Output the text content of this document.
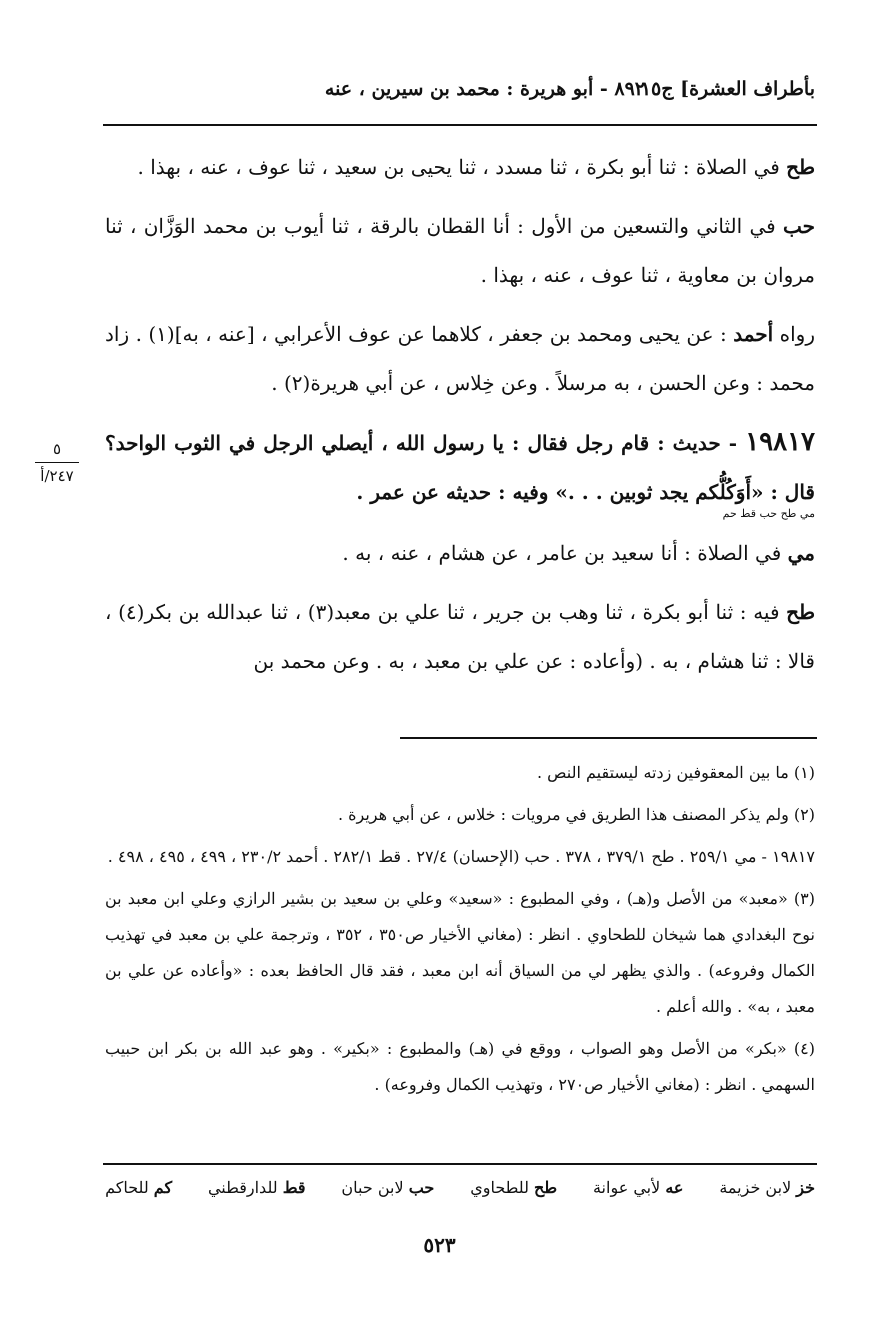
بأطراف العشرة] ج١٥
٨٩٢ - أبو هريرة : محمد بن سيرين ، عنه

طح في الصلاة : ثنا أبو بكرة ، ثنا مسدد ، ثنا يحيى بن سعيد ، ثنا عوف ، عنه ، بهذا .

حب في الثاني والتسعين من الأول : أنا القطان بالرقة ، ثنا أيوب بن محمد الوَزَّان ، ثنا مروان بن معاوية ، ثنا عوف ، عنه ، بهذا .

رواه أحمد : عن يحيى ومحمد بن جعفر ، كلاهما عن عوف الأعرابي ، [عنه ، به](١) . زاد محمد : وعن الحسن ، به مرسلاً . وعن خِلاس ، عن أبي هريرة(٢) .

١٩٨١٧ - حديث : قام رجل فقال : يا رسول الله ، أيصلي الرجل في الثوب الواحد؟ قال : «أَوَكُلُّكم يجد ثوبين . . .» وفيه : حديثه عن عمر .
مي طح حب قط حم

مي في الصلاة : أنا سعيد بن عامر ، عن هشام ، عنه ، به .

طح فيه : ثنا أبو بكرة ، ثنا وهب بن جرير ، ثنا علي بن معبد(٣) ، ثنا عبدالله بن بكر(٤) ، قالا : ثنا هشام ، به . (وأعاده : عن علي بن معبد ، به . وعن محمد بن

٥
٢٤٧/أ

(١) ما بين المعقوفين زدته ليستقيم النص .

(٢) ولم يذكر المصنف هذا الطريق في مرويات : خلاس ، عن أبي هريرة .

١٩٨١٧ - مي ٢٥٩/١ . طح ٣٧٩/١ ، ٣٧٨ . حب (الإحسان) ٢٧/٤ . قط ٢٨٢/١ . أحمد ٢٣٠/٢ ، ٤٩٩ ، ٤٩٥ ، ٤٩٨ .

(٣) «معبد» من الأصل و(هـ) ، وفي المطبوع : «سعيد» وعلي بن سعيد بن بشير الرازي وعلي ابن معبد بن نوح البغدادي هما شيخان للطحاوي . انظر : (مغاني الأخيار ص٣٥٠ ، ٣٥٢ ، وترجمة علي بن معبد في تهذيب الكمال وفروعه) . والذي يظهر لي من السياق أنه ابن معبد ، فقد قال الحافظ بعده : «وأعاده عن علي بن معبد ، به» . والله أعلم .

(٤) «بكر» من الأصل وهو الصواب ، ووقع في (هـ) والمطبوع : «بكير» . وهو عبد الله بن بكر ابن حبيب السهمي . انظر : (مغاني الأخيار ص٢٧٠ ، وتهذيب الكمال وفروعه) .

خز لابن خزيمة
عه لأبي عوانة
طح للطحاوي
حب لابن حبان
قط للدارقطني
كم للحاكم
٥٢٣
